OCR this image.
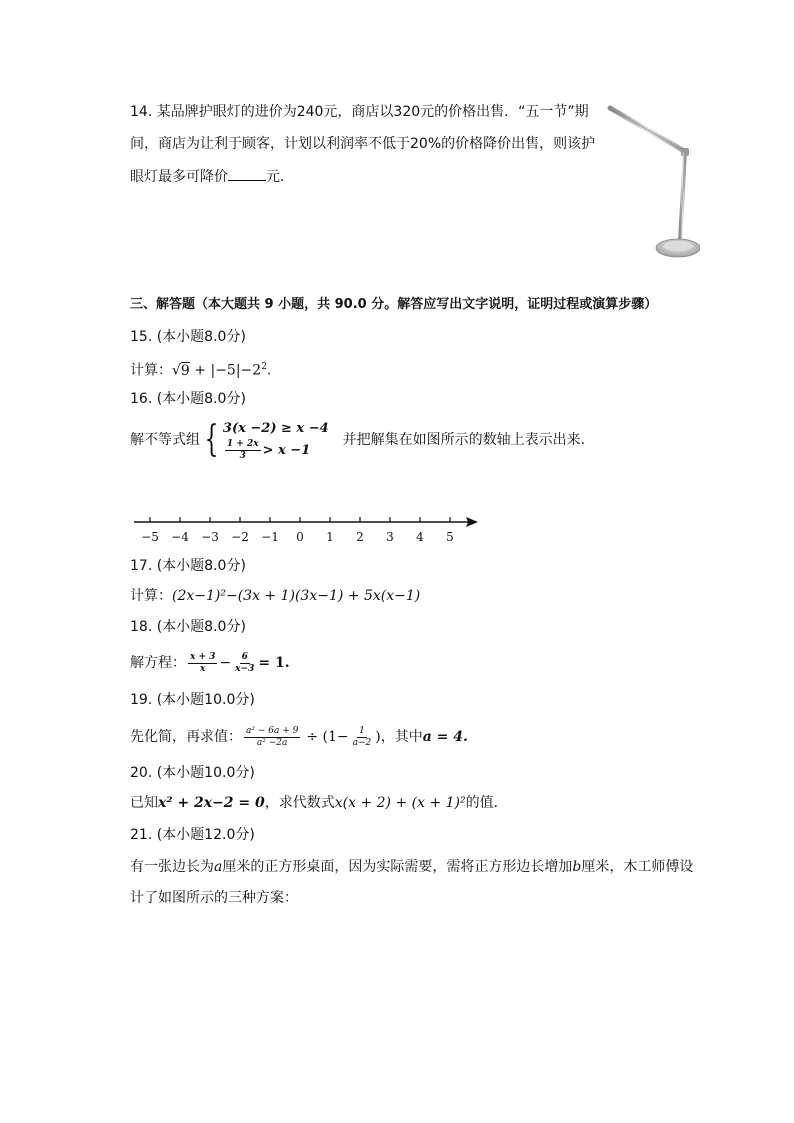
14. 某品牌护眼灯的进价为240元，商店以320元的价格出售．“五一节”期
间，商店为让利于顾客，计划以利润率不低于20%的价格降价出售，则该护
眼灯最多可降价	元．
三、解答题（本大题共 9 小题，共 90.0 分。解答应写出文字说明，证明过程或演算步骤）
15. (本小题8.0分)
计算：$√9 + |-5|-2^2$.
16. (本小题8.0分)
解不等式组 { 3(x −2) ≥ x −4
$\frac{1 + 2x}{3} > x -1$
并把解集在如图所示的数轴上表示出来．
−5 −4 −3 −2 −1 0 1 2 3 4 5
17. (本小题8.0分)
计算：(2x−1)²−(3x + 1)(3x−1) + 5x(x−1)
18. (本小题8.0分)
解方程： $\frac{x + 3}{x} - \frac{6}{x-3} = 1$.
19. (本小题10.0分)
先化简，再求值： $\frac{\text{a² − 6a + 9}}{\text{a² −2a}} \div (1- \frac{1}{a-2}$ )，其中a = 4.
20. (本小题10.0分)
已知x² + 2x−2 = 0，求代数式x(x + 2) + (x + 1)²的值．
21. (本小题12.0分)
有一张边长为a厘米的正方形桌面，因为实际需要，需将正方形边长增加b厘米，木工师傅设
计了如图所示的三种方案：
